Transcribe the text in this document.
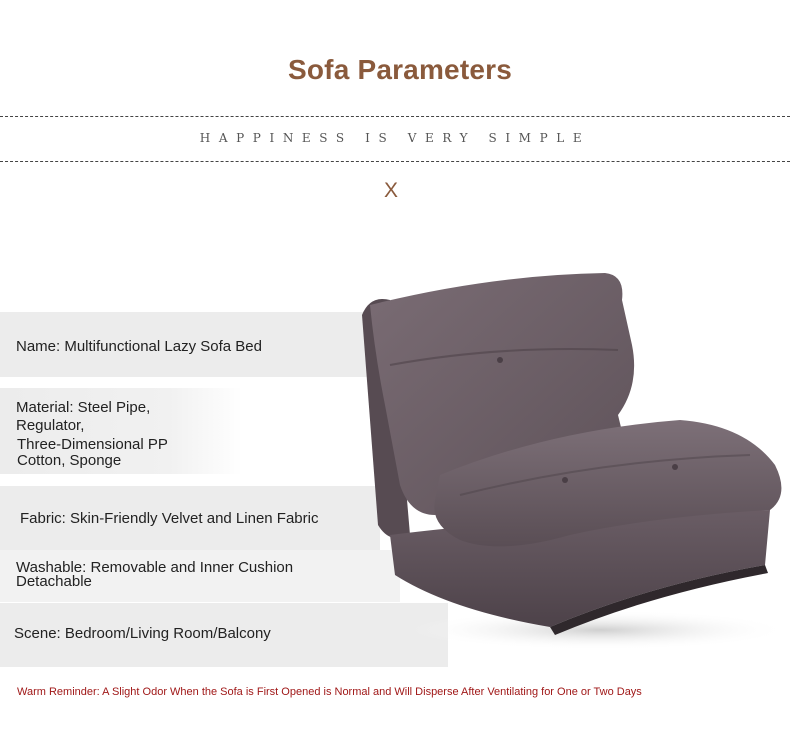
Sofa Parameters
HAPPINESS IS VERY SIMPLE
X
Name: Multifunctional Lazy Sofa Bed
Material: Steel Pipe,
Regulator,
Three-Dimensional PP
Cotton, Sponge
Fabric: Skin-Friendly Velvet and Linen Fabric
Washable: Removable and Inner Cushion
Detachable
Scene: Bedroom/Living Room/Balcony
Warm Reminder: A Slight Odor When the Sofa is First Opened is Normal and Will Disperse After Ventilating for One or Two Days
